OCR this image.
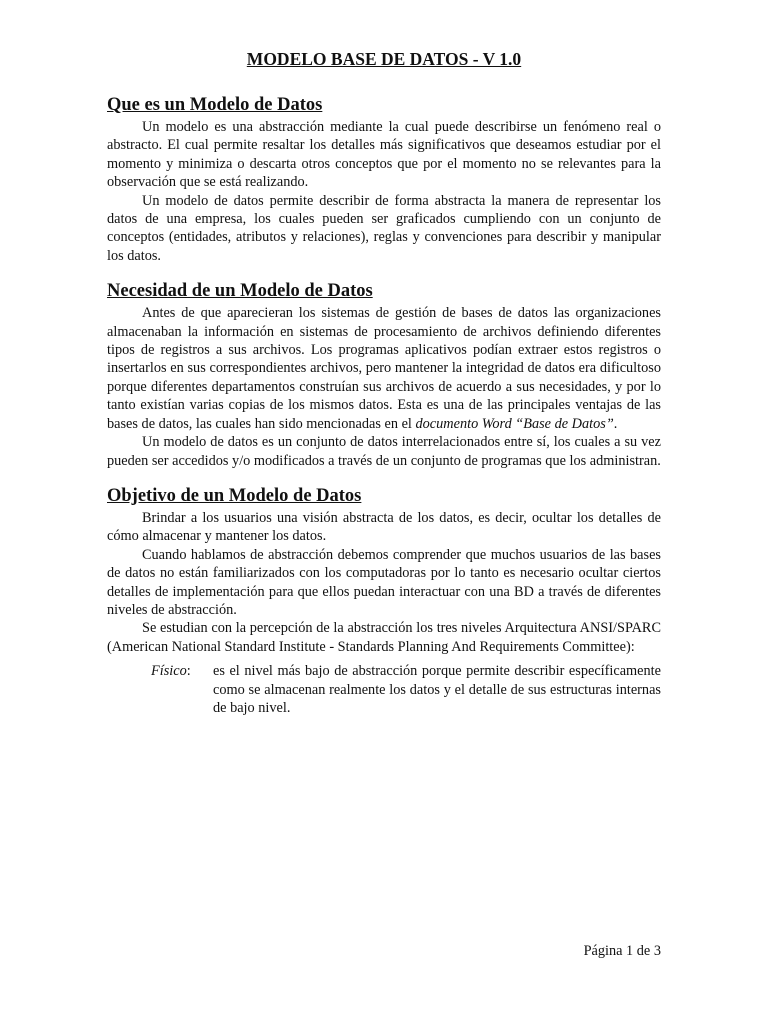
MODELO BASE DE DATOS - V 1.0
Que es un Modelo de Datos

Un modelo es una abstracción mediante la cual puede describirse un fenómeno real o abstracto. El cual permite resaltar los detalles más significativos que deseamos estudiar por el momento y minimiza o descarta otros conceptos que por el momento no se relevantes para la observación que se está realizando.

Un modelo de datos permite describir de forma abstracta la manera de representar los datos de una empresa, los cuales pueden ser graficados cumpliendo con un conjunto de conceptos (entidades, atributos y relaciones), reglas y convenciones para describir y manipular los datos.

Necesidad de un Modelo de Datos

Antes de que aparecieran los sistemas de gestión de bases de datos las organizaciones almacenaban la información en sistemas de procesamiento de archivos definiendo diferentes tipos de registros a sus archivos. Los programas aplicativos podían extraer estos registros o insertarlos en sus correspondientes archivos, pero mantener la integridad de datos era dificultoso porque diferentes departamentos construían sus archivos de acuerdo a sus necesidades, y por lo tanto existían varias copias de los mismos datos. Esta es una de las principales ventajas de las bases de datos, las cuales han sido mencionadas en el documento Word “Base de Datos”.

Un modelo de datos es un conjunto de datos interrelacionados entre sí, los cuales a su vez pueden ser accedidos y/o modificados a través de un conjunto de programas que los administran.

Objetivo de un Modelo de Datos

Brindar a los usuarios una visión abstracta de los datos, es decir, ocultar los detalles de cómo almacenar y mantener los datos.

Cuando hablamos de abstracción debemos comprender que muchos usuarios de las bases de datos no están familiarizados con los computadoras por lo tanto es necesario ocultar ciertos detalles de implementación para que ellos puedan interactuar con una BD a través de diferentes niveles de abstracción.

Se estudian con la percepción de la abstracción los tres niveles Arquitectura ANSI/SPARC (American National Standard Institute - Standards Planning And Requirements Committee):

Físico:	es el nivel más bajo de abstracción porque permite describir específicamente como se almacenan realmente los datos y el detalle de sus estructuras internas de bajo nivel.
Página 1 de 3
